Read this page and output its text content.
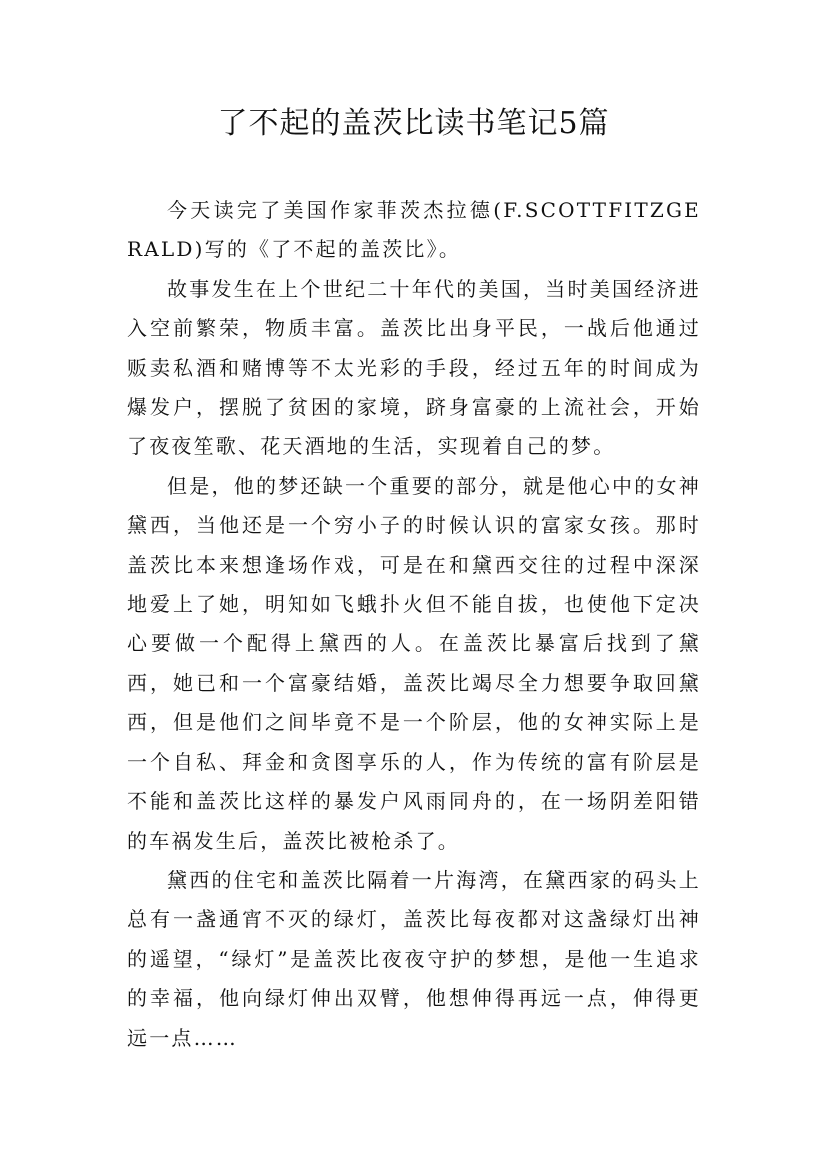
了不起的盖茨比读书笔记5篇

今天读完了美国作家菲茨杰拉德(F.SCOTTFITZGERALD)写的《了不起的盖茨比》。

故事发生在上个世纪二十年代的美国，当时美国经济进入空前繁荣，物质丰富。盖茨比出身平民，一战后他通过贩卖私酒和赌博等不太光彩的手段，经过五年的时间成为爆发户，摆脱了贫困的家境，跻身富豪的上流社会，开始了夜夜笙歌、花天酒地的生活，实现着自己的梦。

但是，他的梦还缺一个重要的部分，就是他心中的女神黛西，当他还是一个穷小子的时候认识的富家女孩。那时盖茨比本来想逢场作戏，可是在和黛西交往的过程中深深地爱上了她，明知如飞蛾扑火但不能自拔，也使他下定决心要做一个配得上黛西的人。在盖茨比暴富后找到了黛西，她已和一个富豪结婚，盖茨比竭尽全力想要争取回黛西，但是他们之间毕竟不是一个阶层，他的女神实际上是一个自私、拜金和贪图享乐的人，作为传统的富有阶层是不能和盖茨比这样的暴发户风雨同舟的，在一场阴差阳错的车祸发生后，盖茨比被枪杀了。

黛西的住宅和盖茨比隔着一片海湾，在黛西家的码头上总有一盏通宵不灭的绿灯，盖茨比每夜都对这盏绿灯出神的遥望，“绿灯”是盖茨比夜夜守护的梦想，是他一生追求的幸福，他向绿灯伸出双臂，他想伸得再远一点，伸得更远一点……
